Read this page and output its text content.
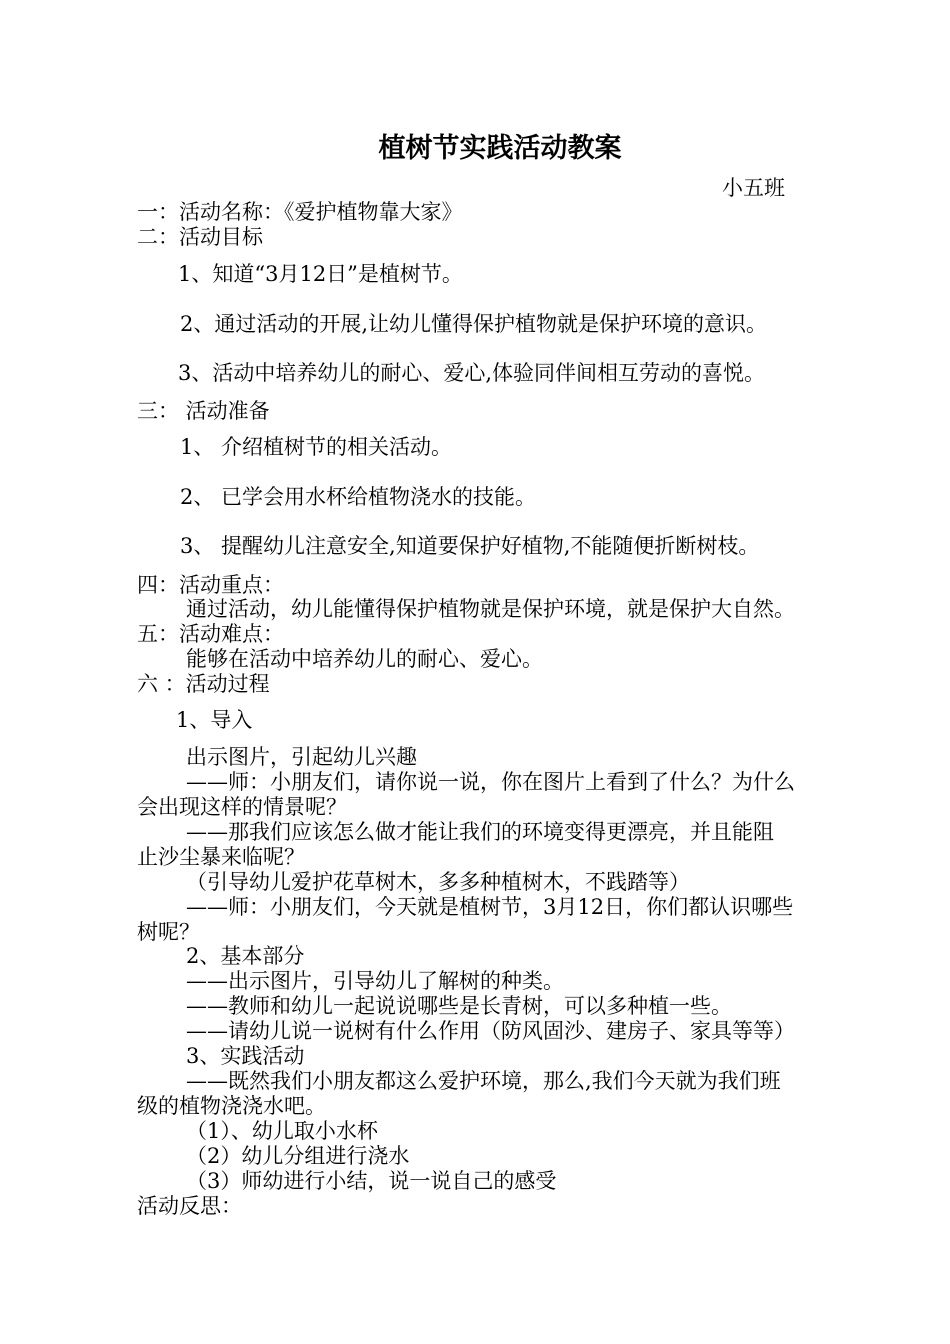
植树节实践活动教案
小五班
一：活动名称：《爱护植物靠大家》
二：活动目标
1、知道“3月12日”是植树节。
2、通过活动的开展,让幼儿懂得保护植物就是保护环境的意识。
3、活动中培养幼儿的耐心、爱心,体验同伴间相互劳动的喜悦。
三： 活动准备
1、 介绍植树节的相关活动。
2、 已学会用水杯给植物浇水的技能。
3、 提醒幼儿注意安全,知道要保护好植物,不能随便折断树枝。
四：活动重点：
通过活动，幼儿能懂得保护植物就是保护环境，就是保护大自然。
五：活动难点：
能够在活动中培养幼儿的耐心、爱心。
六 ：活动过程
1、导入
出示图片，引起幼儿兴趣
——师：小朋友们，请你说一说，你在图片上看到了什么？为什么
会出现这样的情景呢？
——那我们应该怎么做才能让我们的环境变得更漂亮，并且能阻
止沙尘暴来临呢？
（引导幼儿爱护花草树木，多多种植树木，不践踏等）
——师：小朋友们，今天就是植树节，3月12日，你们都认识哪些
树呢？
2、基本部分
——出示图片，引导幼儿了解树的种类。
——教师和幼儿一起说说哪些是长青树，可以多种植一些。
——请幼儿说一说树有什么作用（防风固沙、建房子、家具等等）
3、实践活动
——既然我们小朋友都这么爱护环境，那么,我们今天就为我们班
级的植物浇浇水吧。
（1）、幼儿取小水杯
（2）幼儿分组进行浇水
（3）师幼进行小结，说一说自己的感受
活动反思：
